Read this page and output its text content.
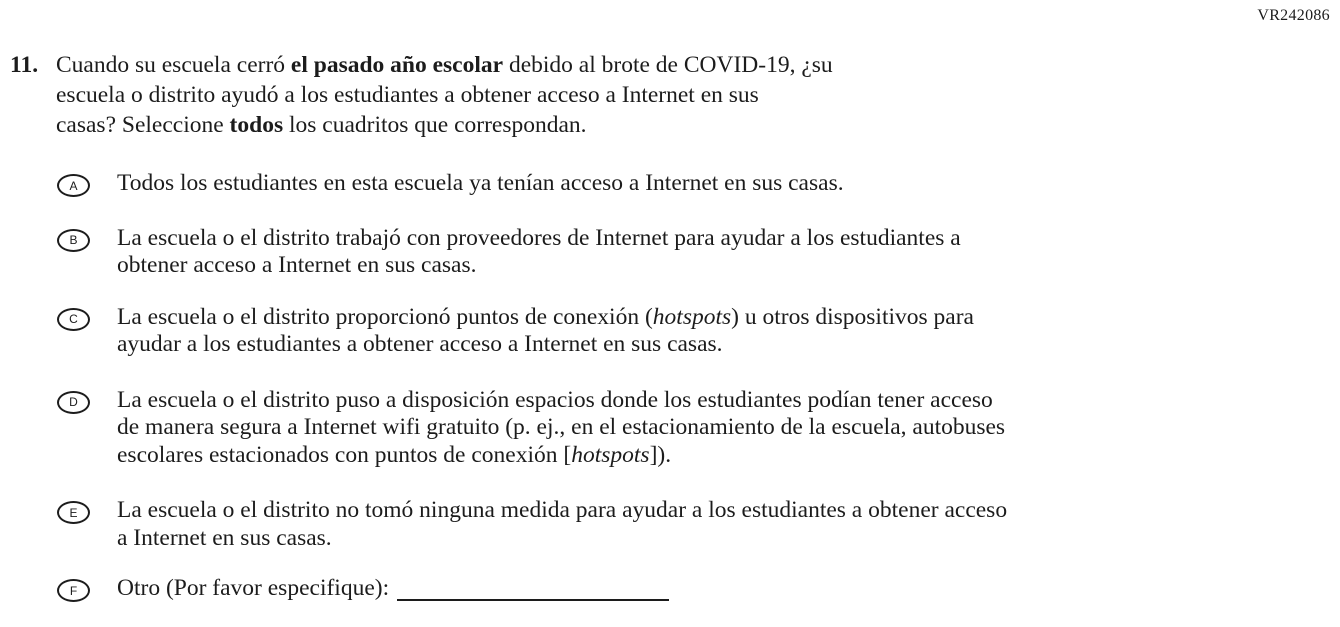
VR242086
11. Cuando su escuela cerró el pasado año escolar debido al brote de COVID-19, ¿su
escuela o distrito ayudó a los estudiantes a obtener acceso a Internet en sus
casas? Seleccione todos los cuadritos que correspondan.
A	Todos los estudiantes en esta escuela ya tenían acceso a Internet en sus casas.
B	La escuela o el distrito trabajó con proveedores de Internet para ayudar a los estudiantes a
obtener acceso a Internet en sus casas.
C	La escuela o el distrito proporcionó puntos de conexión (hotspots) u otros dispositivos para
ayudar a los estudiantes a obtener acceso a Internet en sus casas.
D	La escuela o el distrito puso a disposición espacios donde los estudiantes podían tener acceso
de manera segura a Internet wifi gratuito (p. ej., en el estacionamiento de la escuela, autobuses
escolares estacionados con puntos de conexión [hotspots]).
E	La escuela o el distrito no tomó ninguna medida para ayudar a los estudiantes a obtener acceso
a Internet en sus casas.
F	Otro (Por favor especifique):
